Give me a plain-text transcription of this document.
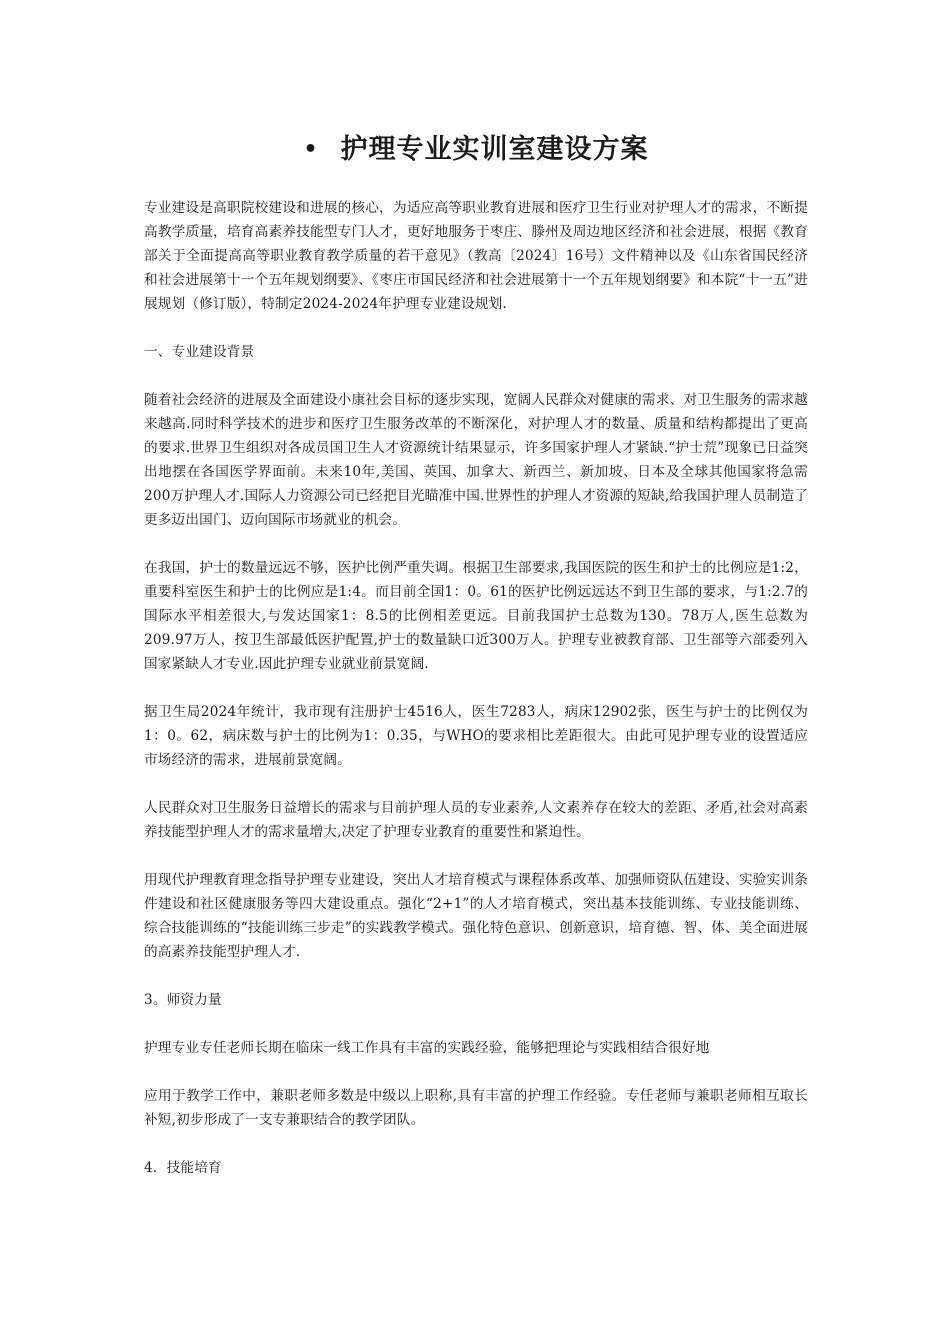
• 护理专业实训室建设方案

专业建设是高职院校建设和进展的核心，为适应高等职业教育进展和医疗卫生行业对护理人才的需求，不断提高教学质量，培育高素养技能型专门人才，更好地服务于枣庄、滕州及周边地区经济和社会进展，根据《教育部关于全面提高高等职业教育教学质量的若干意见》（教高〔2024〕16号）文件精神以及《山东省国民经济和社会进展第十一个五年规划纲要》、《枣庄市国民经济和社会进展第十一个五年规划纲要》和本院“十一五”进展规划（修订版），特制定2024-2024年护理专业建设规划.

一、专业建设背景

随着社会经济的进展及全面建设小康社会目标的逐步实现，宽阔人民群众对健康的需求、对卫生服务的需求越来越高.同时科学技术的进步和医疗卫生服务改革的不断深化，对护理人才的数量、质量和结构都提出了更高的要求.世界卫生组织对各成员国卫生人才资源统计结果显示，许多国家护理人才紧缺.“护士荒”现象已日益突出地摆在各国医学界面前。未来10年,美国、英国、加拿大、新西兰、新加坡、日本及全球其他国家将急需200万护理人才.国际人力资源公司已经把目光瞄准中国.世界性的护理人才资源的短缺,给我国护理人员制造了更多迈出国门、迈向国际市场就业的机会。

在我国，护士的数量远远不够，医护比例严重失调。根据卫生部要求,我国医院的医生和护士的比例应是1:2，重要科室医生和护士的比例应是1:4。而目前全国1：0。61的医护比例远远达不到卫生部的要求，与1:2.7的国际水平相差很大,与发达国家1：8.5的比例相差更远。目前我国护士总数为130。78万人,医生总数为209.97万人，按卫生部最低医护配置,护士的数量缺口近300万人。护理专业被教育部、卫生部等六部委列入国家紧缺人才专业.因此护理专业就业前景宽阔.

据卫生局2024年统计，我市现有注册护士4516人，医生7283人，病床12902张，医生与护士的比例仅为1：0。62，病床数与护士的比例为1：0.35，与WHO的要求相比差距很大。由此可见护理专业的设置适应市场经济的需求，进展前景宽阔。

人民群众对卫生服务日益增长的需求与目前护理人员的专业素养,人文素养存在较大的差距、矛盾,社会对高素养技能型护理人才的需求量增大,决定了护理专业教育的重要性和紧迫性。

用现代护理教育理念指导护理专业建设，突出人才培育模式与课程体系改革、加强师资队伍建设、实验实训条件建设和社区健康服务等四大建设重点。强化“2+1”的人才培育模式，突出基本技能训练、专业技能训练、综合技能训练的“技能训练三步走”的实践教学模式。强化特色意识、创新意识，培育德、智、体、美全面进展的高素养技能型护理人才.

3。师资力量

护理专业专任老师长期在临床一线工作具有丰富的实践经验，能够把理论与实践相结合很好地

应用于教学工作中，兼职老师多数是中级以上职称,具有丰富的护理工作经验。专任老师与兼职老师相互取长补短,初步形成了一支专兼职结合的教学团队。

4．技能培育
